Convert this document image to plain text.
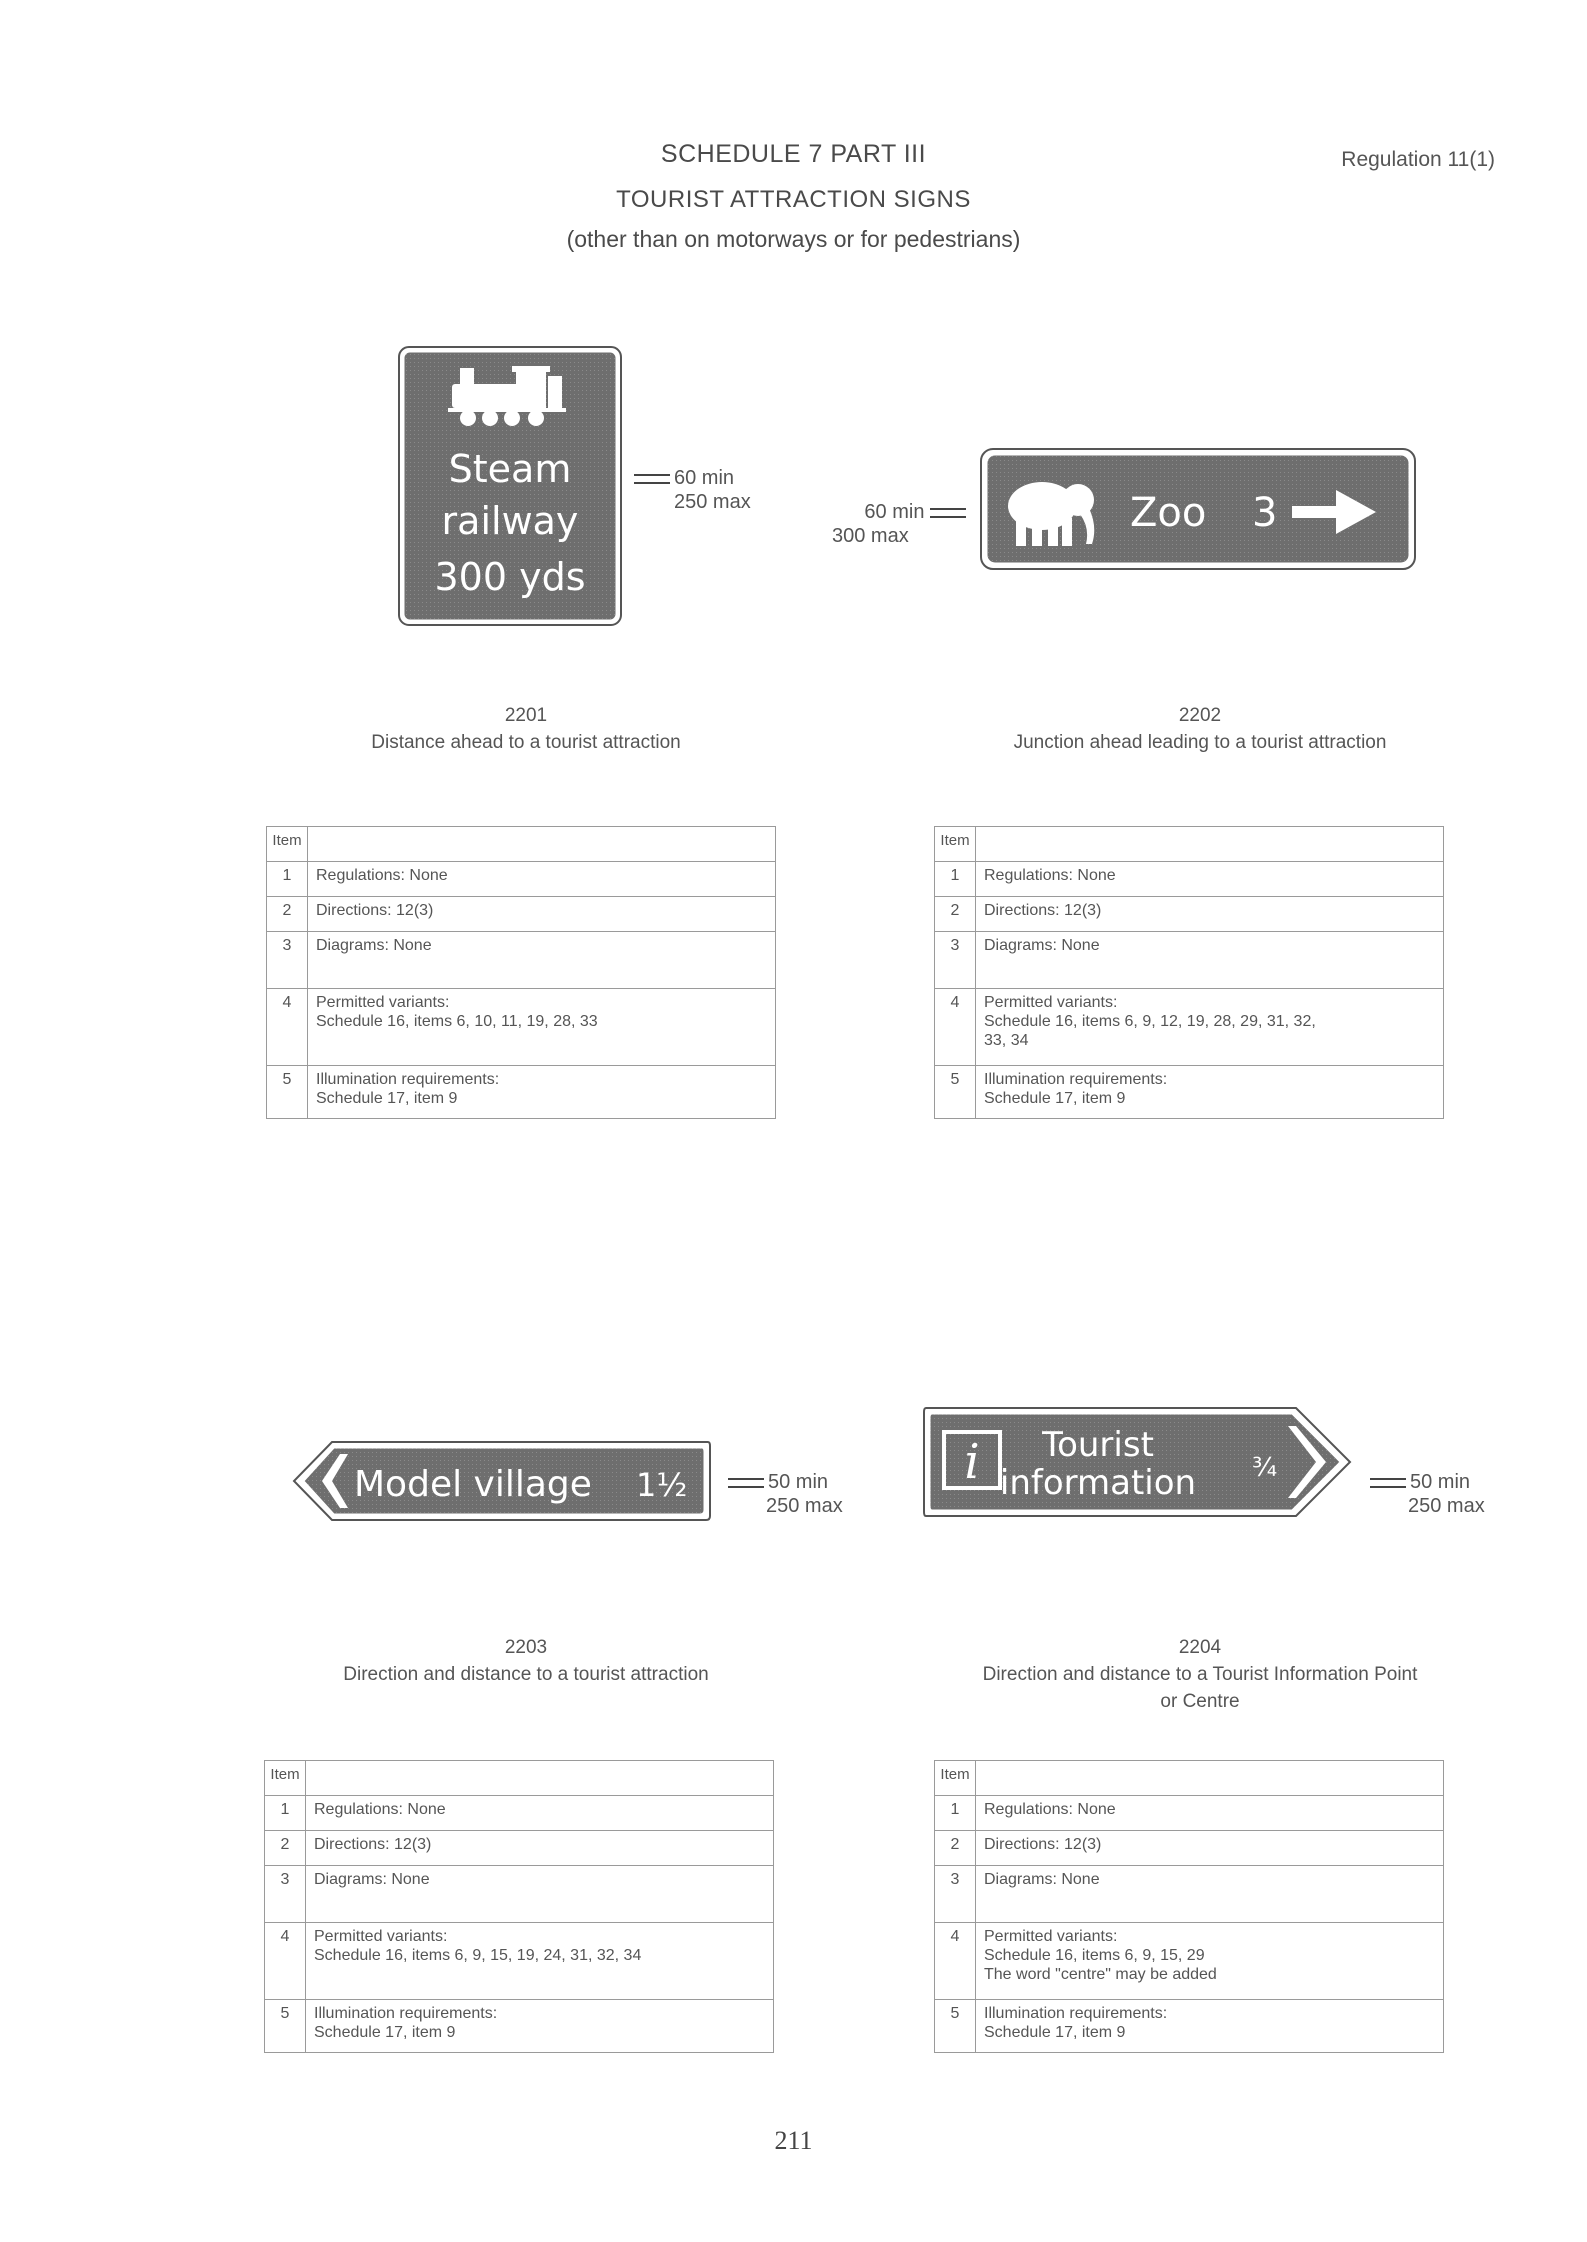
SCHEDULE 7 PART III
TOURIST ATTRACTION SIGNS
(other than on motorways or for pedestrians)
Regulation 11(1)
Steam
railway
300 yds
60 min
250 max	60 min
300 max	Zoo 3
2201
Distance ahead to a tourist attraction
2202
Junction ahead leading to a tourist attraction
Item	
1	Regulations: None

2	Directions: 12(3)

3	Diagrams: None

4	Permitted variants:
Schedule 16, items 6, 10, 11, 19, 28, 33

5	Illumination requirements:
Schedule 17, item 9
Item	
1	Regulations: None

2	Directions: 12(3)

3	Diagrams: None

4	Permitted variants:
Schedule 16, items 6, 9, 12, 19, 28, 29, 31, 32,
33, 34

5	Illumination requirements:
Schedule 17, item 9
Model village 1½	50 min
250 max
i Tourist
information ¾	50 min
250 max
2203
Direction and distance to a tourist attraction
2204
Direction and distance to a Tourist Information Point
or Centre
Item	
1	Regulations: None

2	Directions: 12(3)

3	Diagrams: None

4	Permitted variants:
Schedule 16, items 6, 9, 15, 19, 24, 31, 32, 34

5	Illumination requirements:
Schedule 17, item 9
Item	
1	Regulations: None

2	Directions: 12(3)

3	Diagrams: None

4	Permitted variants:
Schedule 16, items 6, 9, 15, 29
The word "centre" may be added

5	Illumination requirements:
Schedule 17, item 9
211
